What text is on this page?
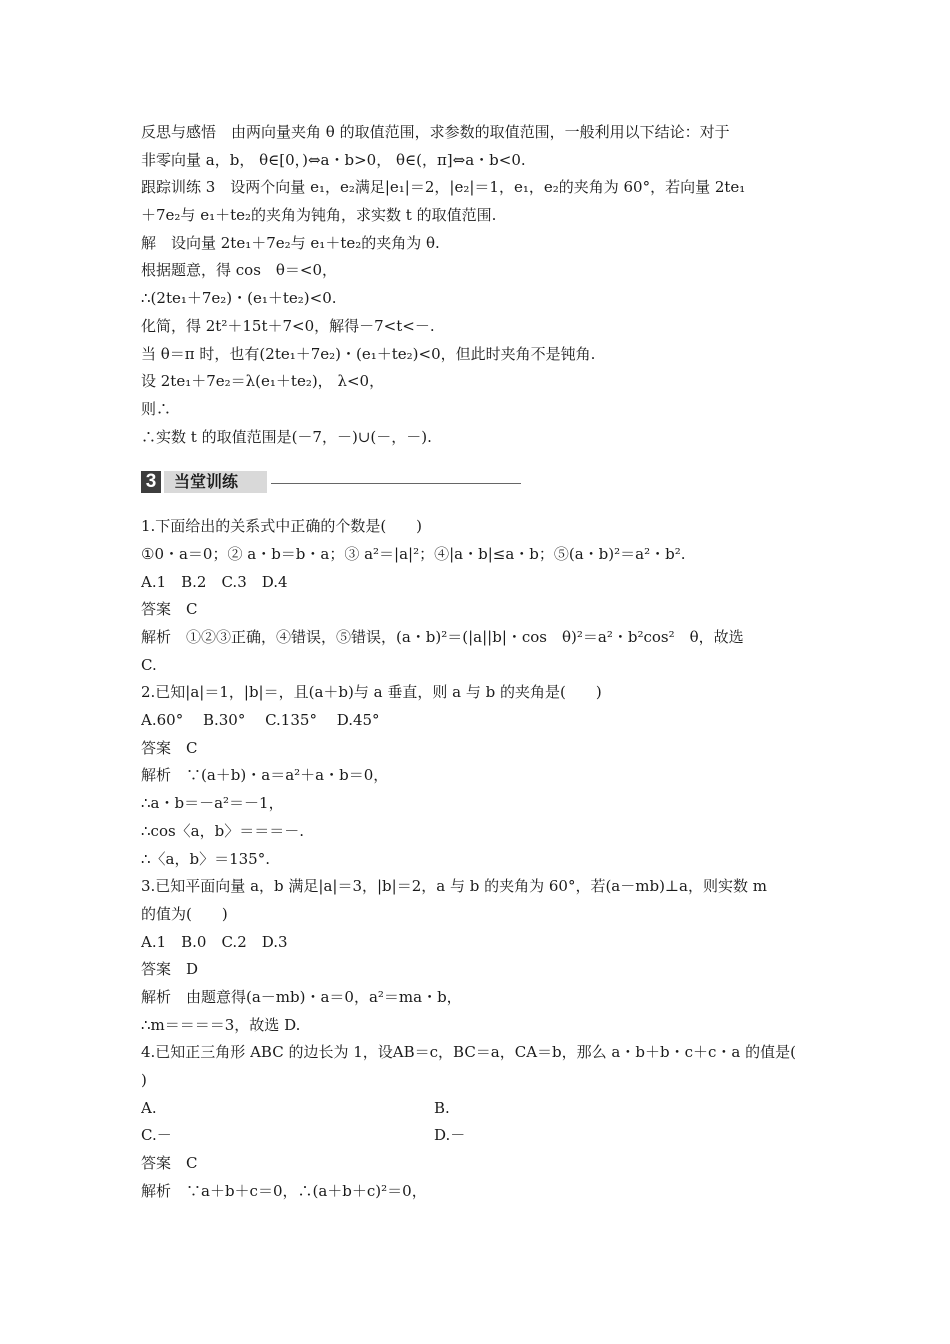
反思与感悟　由两向量夹角 θ 的取值范围，求参数的取值范围，一般利用以下结论：对于
非零向量 a，b， θ∈[0，)⇔a・b>0， θ∈(，π]⇔a・b<0.
跟踪训练 3　设两个向量 e₁，e₂满足|e₁|＝2，|e₂|＝1，e₁，e₂的夹角为 60°，若向量 2te₁
＋7e₂与 e₁＋te₂的夹角为钝角，求实数 t 的取值范围.
解　设向量 2te₁＋7e₂与 e₁＋te₂的夹角为 θ.
根据题意，得 cos　θ＝<0，
∴(2te₁＋7e₂)・(e₁＋te₂)<0.
化简，得 2t²＋15t＋7<0，解得－7<t<－.
当 θ＝π 时，也有(2te₁＋7e₂)・(e₁＋te₂)<0，但此时夹角不是钝角.
设 2te₁＋7e₂＝λ(e₁＋te₂)， λ<0，
则∴
∴实数 t 的取值范围是(－7，－)∪(－，－).
3	当堂训练
1.下面给出的关系式中正确的个数是(　　)
①0・a＝0；② a・b＝b・a；③ a²＝|a|²；④|a・b|≤a・b；⑤(a・b)²＝a²・b².
A.1　B.2　C.3　D.4
答案　C
解析　①②③正确，④错误，⑤错误，(a・b)²＝(|a||b|・cos　θ)²＝a²・b²cos²　θ，故选
C.
2.已知|a|＝1，|b|＝，且(a＋b)与 a 垂直，则 a 与 b 的夹角是(　　)
A.60°　 B.30°　 C.135°　 D.45°
答案　C
解析　∵(a＋b)・a＝a²＋a・b＝0，
∴a・b＝－a²＝－1，
∴cos〈a，b〉＝＝＝－.
∴〈a，b〉＝135°.
3.已知平面向量 a，b 满足|a|＝3，|b|＝2，a 与 b 的夹角为 60°，若(a－mb)⊥a，则实数 m
的值为(　　)
A.1　B.0　C.2　D.3
答案　D
解析　由题意得(a－mb)・a＝0，a²＝ma・b，
∴m＝＝＝＝3，故选 D.
4.已知正三角形 ABC 的边长为 1，设AB＝c，BC＝a，CA＝b，那么 a・b＋b・c＋c・a 的值是(
)
A.	B.
C.－	D.－
答案　C
解析　∵a＋b＋c＝0，∴(a＋b＋c)²＝0，
